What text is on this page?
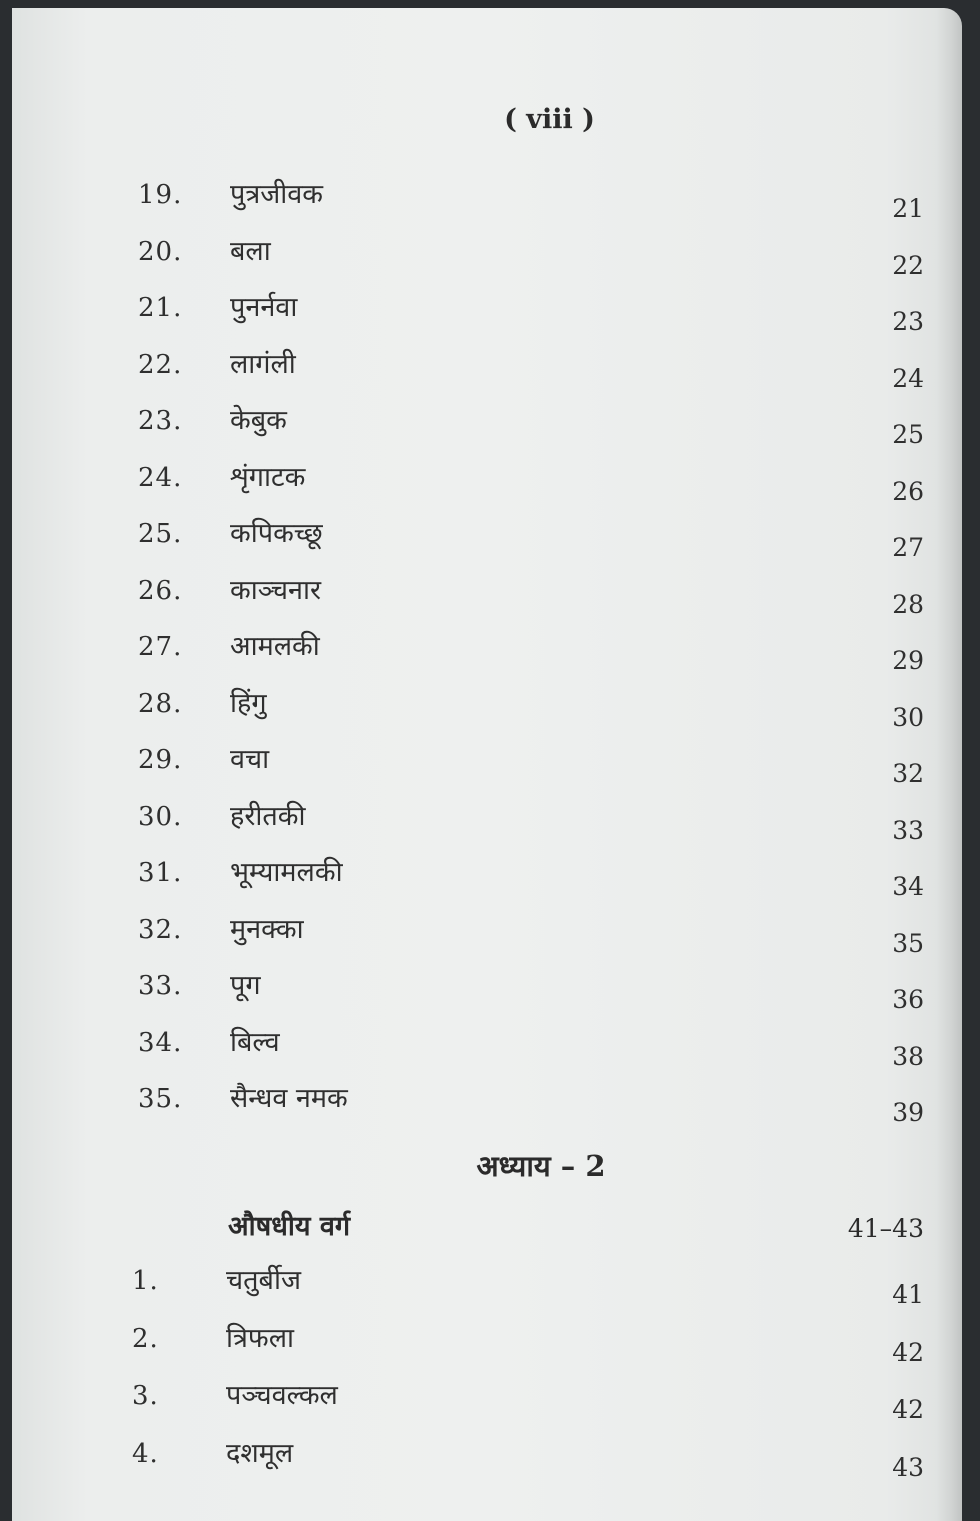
( viii )
19. पुत्रजीवक	21
20. बला	22
21. पुनर्नवा	23
22. लागंली	24
23. केबुक	25
24. शृंगाटक	26
25. कपिकच्छू	27
26. काञ्चनार	28
27. आमलकी	29
28. हिंगु	30
29. वचा	32
30. हरीतकी	33
31. भूम्यामलकी	34
32. मुनक्का	35
33. पूग	36
34. बिल्व	38
35. सैन्धव नमक	39
अध्याय – 2
औषधीय वर्ग	41–43
1. चतुर्बीज	41
2. त्रिफला	42
3. पञ्चवल्कल	42
4. दशमूल	43
